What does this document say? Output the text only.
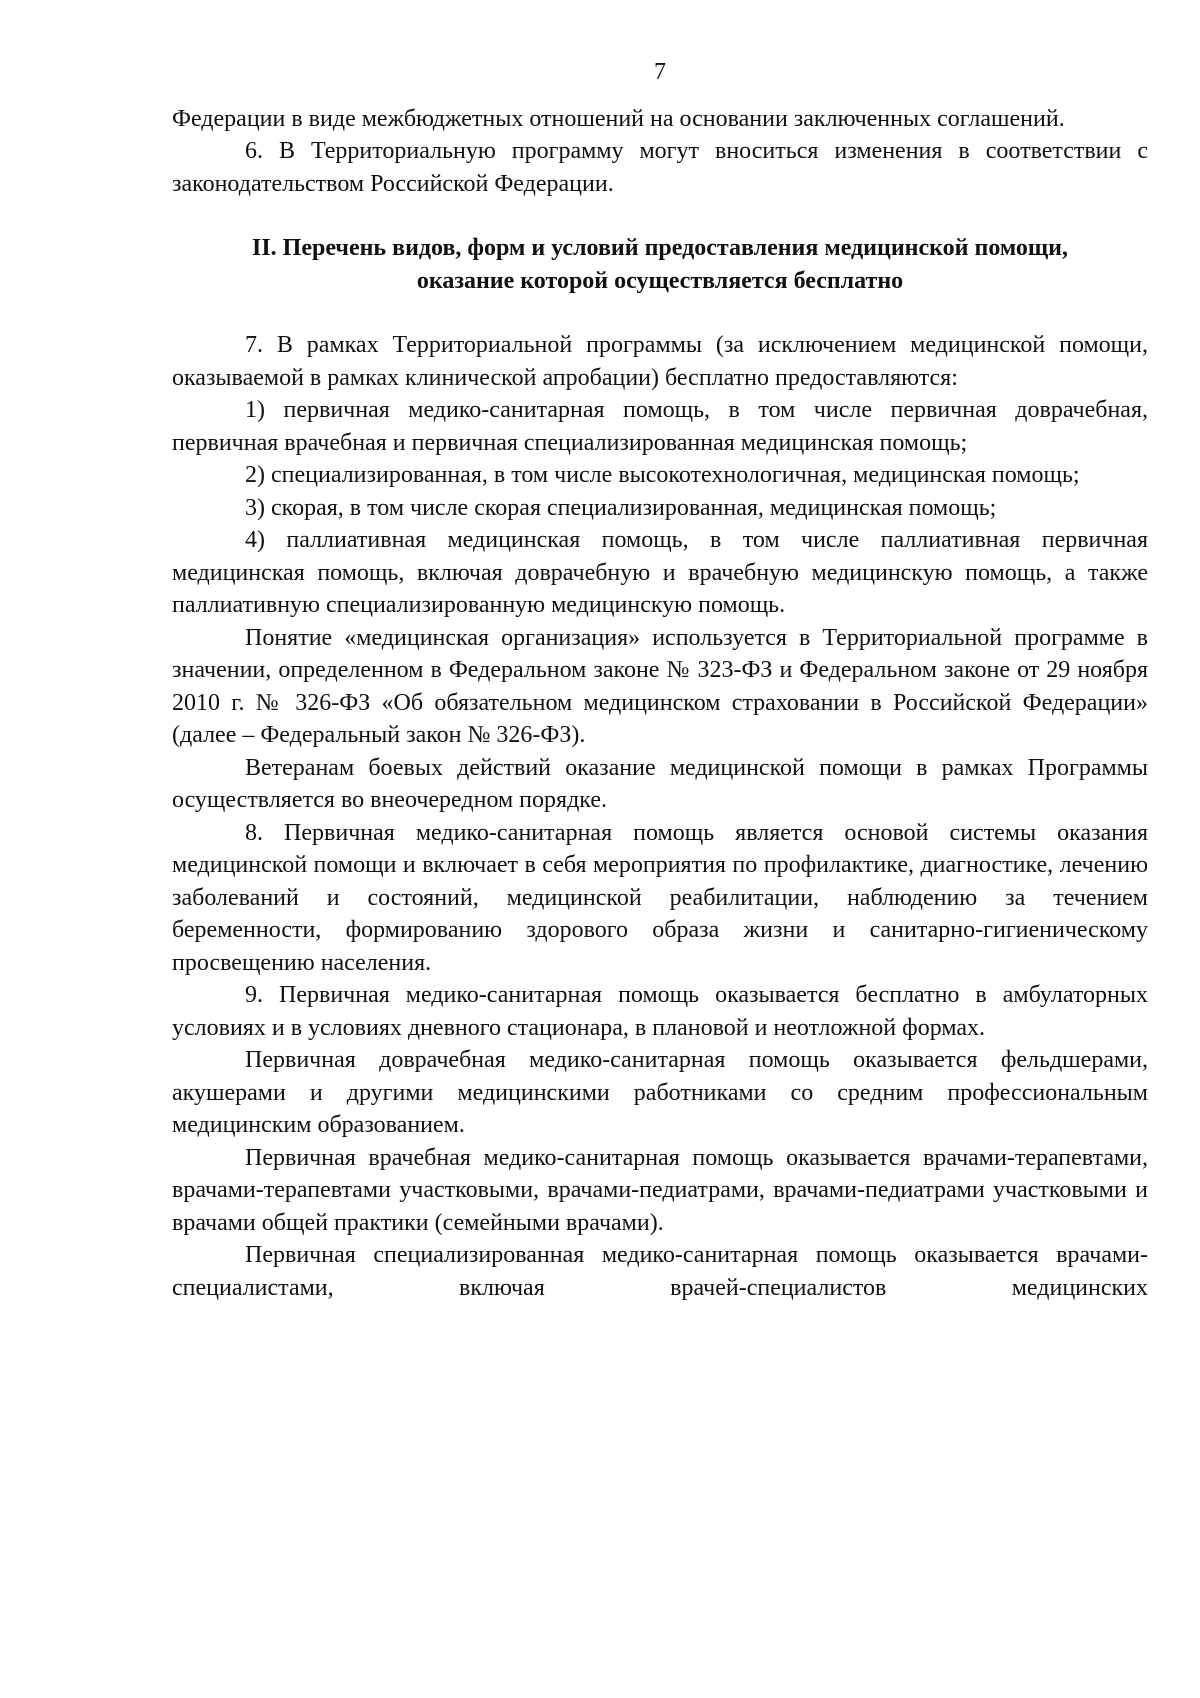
7

Федерации в виде межбюджетных отношений на основании заключенных соглашений.

6. В Территориальную программу могут вноситься изменения в соответствии с законодательством Российской Федерации.

II. Перечень видов, форм и условий предоставления медицинской помощи,
оказание которой осуществляется бесплатно

7. В рамках Территориальной программы (за исключением медицинской помощи, оказываемой в рамках клинической апробации) бесплатно предоставляются:

1) первичная медико-санитарная помощь, в том числе первичная доврачебная, первичная врачебная и первичная специализированная медицинская помощь;

2) специализированная, в том числе высокотехнологичная, медицинская помощь;

3) скорая, в том числе скорая специализированная, медицинская помощь;

4) паллиативная медицинская помощь, в том числе паллиативная первичная медицинская помощь, включая доврачебную и врачебную медицинскую помощь, а также паллиативную специализированную медицинскую помощь.

Понятие «медицинская организация» используется в Территориальной программе в значении, определенном в Федеральном законе № 323-ФЗ и Федеральном законе от 29 ноября 2010 г. № 326-ФЗ «Об обязательном медицинском страховании в Российской Федерации» (далее – Федеральный закон № 326-ФЗ).

Ветеранам боевых действий оказание медицинской помощи в рамках Программы осуществляется во внеочередном порядке.

8. Первичная медико-санитарная помощь является основой системы оказания медицинской помощи и включает в себя мероприятия по профилактике, диагностике, лечению заболеваний и состояний, медицинской реабилитации, наблюдению за течением беременности, формированию здорового образа жизни и санитарно-гигиеническому просвещению населения.

9. Первичная медико-санитарная помощь оказывается бесплатно в амбулаторных условиях и в условиях дневного стационара, в плановой и неотложной формах.

Первичная доврачебная медико-санитарная помощь оказывается фельдшерами, акушерами и другими медицинскими работниками со средним профессиональным медицинским образованием.

Первичная врачебная медико-санитарная помощь оказывается врачами-терапевтами, врачами-терапевтами участковыми, врачами-педиатрами, врачами-педиатрами участковыми и врачами общей практики (семейными врачами).

Первичная специализированная медико-санитарная помощь оказывается врачами-специалистами, включая врачей-специалистов медицинских
